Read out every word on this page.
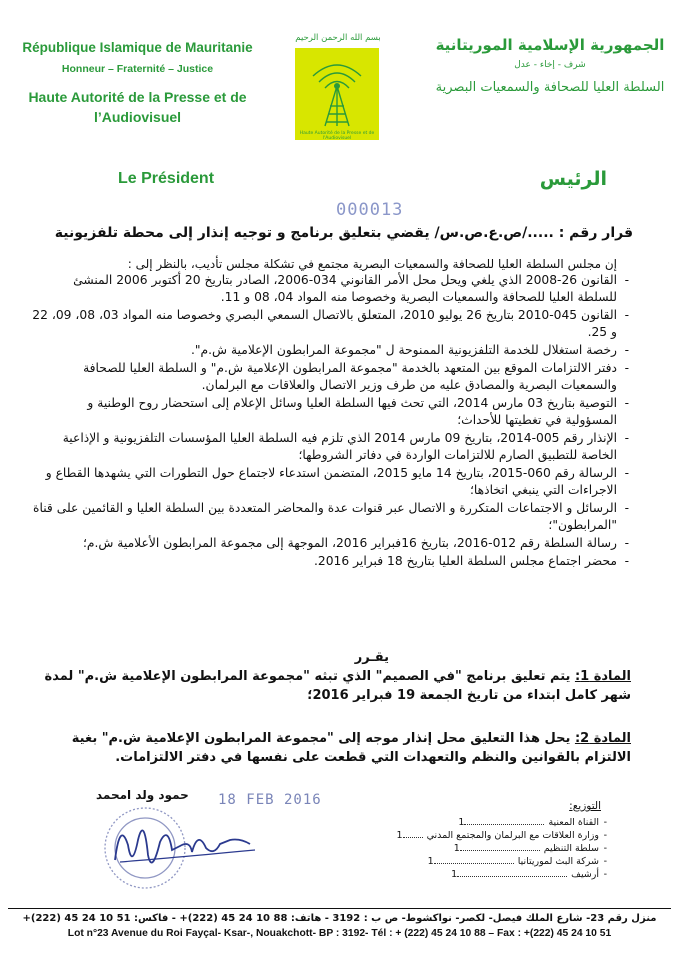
République Islamique de Mauritanie
Honneur – Fraternité – Justice
Haute Autorité de la Presse et de l’Audiovisuel
بسم الله الرحمن الرحيم
Haute Autorité de la Presse et de l'Audiovisuel
الجمهورية الإسلامية الموريتانية
شرف - إخاء - عدل
السلطة العليا للصحافة والسمعيات البصرية
Le Président	الرئيس
000013
قرار رقم : ...../ص.ع.ص.س/ يقضي بتعليق برنامج و توجيه إنذار إلى محطة تلفزيونية
إن مجلس السلطة العليا للصحافة والسمعيات البصرية مجتمع في تشكلة مجلس تأديب، بالنظر إلى :
- القانون 26-2008 الذي يلغي ويحل محل الأمر القانوني 034-2006، الصادر بتاريخ 20 أكتوبر 2006 المنشئ للسلطة العليا للصحافة والسمعيات البصرية وخصوصا منه المواد 04، 08 و 11.
- القانون 045-2010 بتاريخ 26 يوليو 2010، المتعلق بالاتصال السمعي البصري وخصوصا منه المواد 03، 08، 09، 22 و 25.
- رخصة استغلال للخدمة التلفزيونية الممنوحة ل "مجموعة المرابطون الإعلامية ش.م".
- دفتر الالتزامات الموقع بين المتعهد بالخدمة "مجموعة المرابطون الإعلامية ش.م" و السلطة العليا للصحافة والسمعيات البصرية والمصادق عليه من طرف وزير الاتصال والعلاقات مع البرلمان.
- التوصية بتاريخ 03 مارس 2014، التي تحث فيها السلطة العليا وسائل الإعلام إلى استحضار روح الوطنية و المسؤولية في تغطيتها للأحداث؛
- الإنذار رقم 005-2014، بتاريخ 09 مارس 2014 الذي تلزم فيه السلطة العليا المؤسسات التلفزيونية و الإذاعية الخاصة للتطبيق الصارم للالتزامات الواردة في دفاتر الشروطها؛
- الرسالة رقم 060-2015، بتاريخ 14 مايو 2015، المتضمن استدعاء لاجتماع حول التطورات التي يشهدها القطاع و الاجراءات التي ينبغي اتخاذها؛
- الرسائل و الاجتماعات المتكررة و الاتصال عبر قنوات عدة والمحاضر المتعددة بين السلطة العليا و القائمين على قناة "المرابطون"؛
- رسالة السلطة رقم 012-2016، بتاريخ 16فبراير 2016، الموجهة إلى مجموعة المرابطون الأعلامية ش.م؛
- محضر اجتماع مجلس السلطة العليا بتاريخ 18 فبراير 2016.
يقـرر
المادة 1: يتم تعليق برنامج "في الصميم" الذي تبثه "مجموعة المرابطون الإعلامية ش.م" لمدة شهر كامل ابتداء من تاريخ الجمعة 19 فبراير 2016؛
المادة 2: يحل هذا التعليق محل إنذار موجه إلى "مجموعة المرابطون الإعلامية ش.م" بغية الالتزام بالقوانين والنظم والتعهدات التي قطعت على نفسها في دفتر الالتزامات.
حمود ولد امحمد 18 FEB 2016	التوزيع:
- القناة المعنية1
- وزارة العلاقات مع البرلمان والمجتمع المدني1
- سلطة التنظيم1
- شركة البث لموريتانيا1
- أرشيف1
منزل رقم 23- شارع الملك فيصل- لكصر- نواكشوط- ص ب : 3192 - هاتف: 88 10 24 45 (222)+ - فاكس: 51 10 24 45 (222)+
Lot n°23 Avenue du Roi Fayçal- Ksar-, Nouakchott- BP : 3192- Tél : + (222) 45 24 10 88 – Fax : +(222) 45 24 10 51
